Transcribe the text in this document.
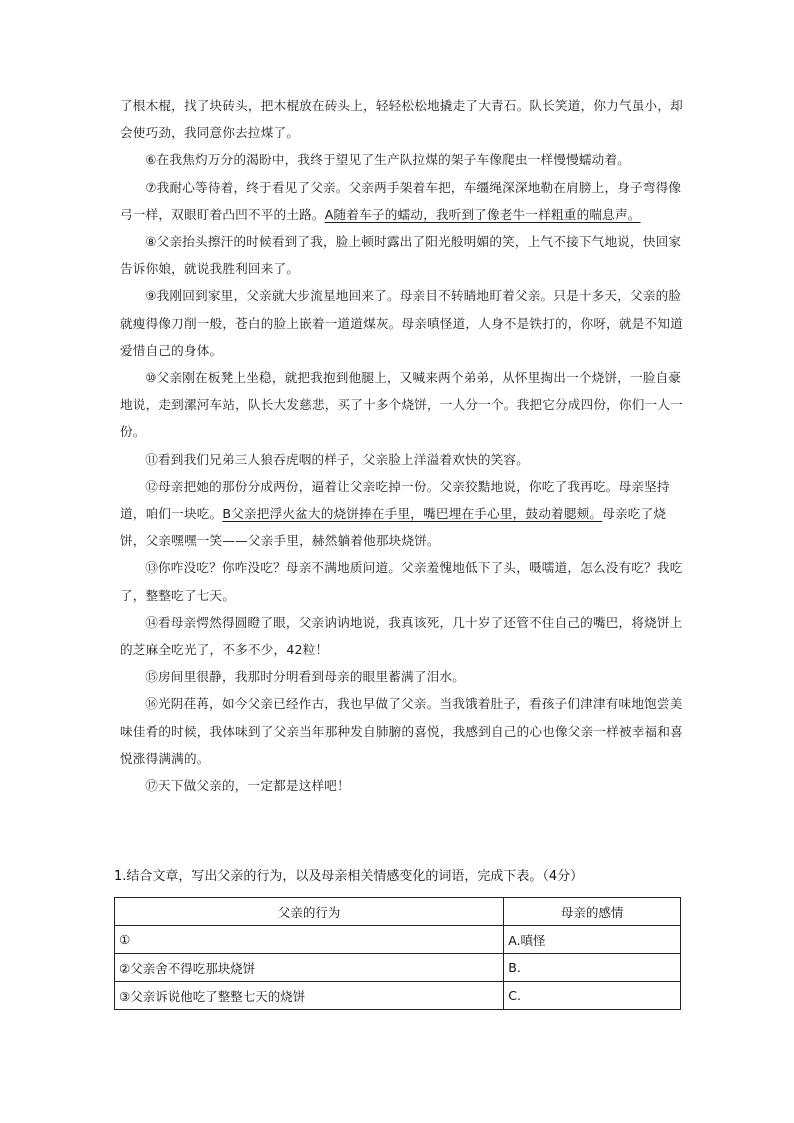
了根木棍，找了块砖头，把木棍放在砖头上，轻轻松松地撬走了大青石。队长笑道，你力气虽小，却会使巧劲，我同意你去拉煤了。

⑥在我焦灼万分的渴盼中，我终于望见了生产队拉煤的架子车像爬虫一样慢慢蠕动着。

⑦我耐心等待着，终于看见了父亲。父亲两手架着车把，车缰绳深深地勒在肩膀上，身子弯得像弓一样，双眼盯着凸凹不平的土路。A随着车子的蠕动，我听到了像老牛一样粗重的喘息声。

⑧父亲抬头擦汗的时候看到了我，脸上顿时露出了阳光般明媚的笑，上气不接下气地说，快回家告诉你娘，就说我胜利回来了。

⑨我刚回到家里，父亲就大步流星地回来了。母亲目不转睛地盯着父亲。只是十多天，父亲的脸就瘦得像刀削一般，苍白的脸上嵌着一道道煤灰。母亲嗔怪道，人身不是铁打的，你呀，就是不知道爱惜自己的身体。

⑩父亲刚在板凳上坐稳，就把我抱到他腿上，又喊来两个弟弟，从怀里掏出一个烧饼，一脸自豪地说，走到漯河车站，队长大发慈悲，买了十多个烧饼，一人分一个。我把它分成四份，你们一人一份。

⑪看到我们兄弟三人狼吞虎咽的样子，父亲脸上洋溢着欢快的笑容。

⑫母亲把她的那份分成两份，逼着让父亲吃掉一份。父亲狡黠地说，你吃了我再吃。母亲坚持道，咱们一块吃。B父亲把浮火盆大的烧饼捧在手里，嘴巴埋在手心里，鼓动着腮颊。母亲吃了烧饼，父亲嘿嘿一笑——父亲手里，赫然躺着他那块烧饼。

⑬你咋没吃？你咋没吃？母亲不满地质问道。父亲羞愧地低下了头，嗫嚅道，怎么没有吃？我吃了，整整吃了七天。

⑭看母亲愕然得圆瞪了眼，父亲讷讷地说，我真该死，几十岁了还管不住自己的嘴巴，将烧饼上的芝麻全吃光了，不多不少，42粒！

⑮房间里很静，我那时分明看到母亲的眼里蓄满了泪水。

⑯光阴荏苒，如今父亲已经作古，我也早做了父亲。当我饿着肚子，看孩子们津津有味地饱尝美味佳肴的时候，我体味到了父亲当年那种发自肺腑的喜悦，我感到自己的心也像父亲一样被幸福和喜悦涨得满满的。

⑰天下做父亲的，一定都是这样吧！

1.结合文章，写出父亲的行为，以及母亲相关情感变化的词语，完成下表。（4分）
父亲的行为	母亲的感情
①	A.嗔怪
②父亲舍不得吃那块烧饼	B.
③父亲诉说他吃了整整七天的烧饼	C.
